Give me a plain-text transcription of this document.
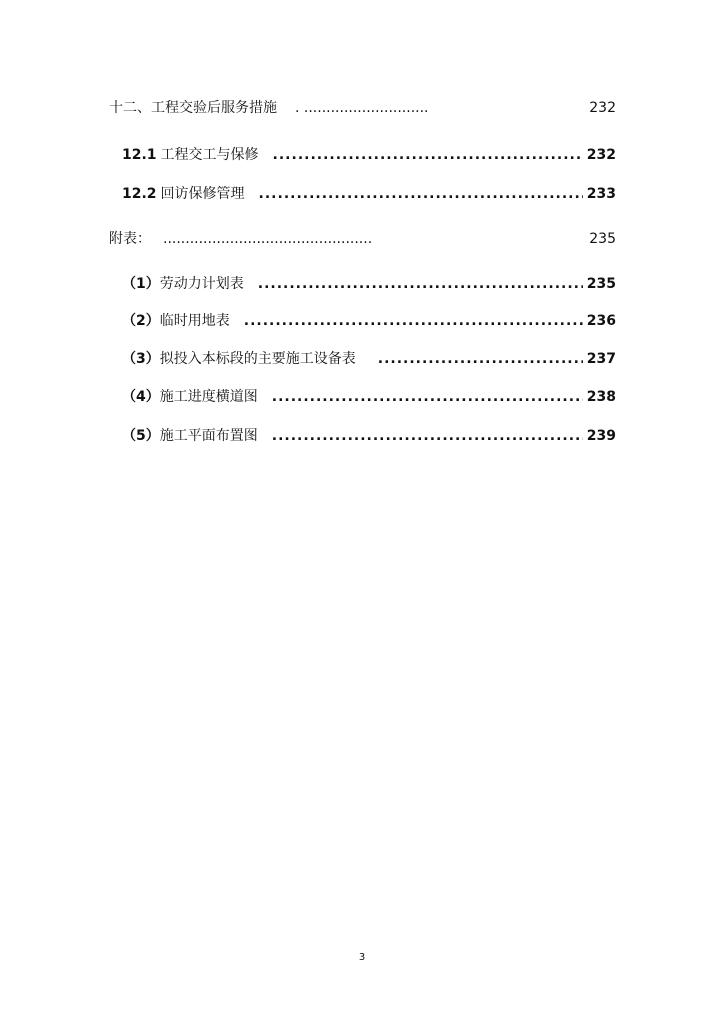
十二、工程交验后服务措施 . ............................	232
12.1 工程交工与保修 .....	232
12.2 回访保修管理 .....	233
附表： ...............................................	235
（1）劳动力计划表 .....	235
（2）临时用地表 .....	236
（3）拟投入本标段的主要施工设备表 .....	237
（4）施工进度横道图 .....	238
（5）施工平面布置图 .....	239
3
